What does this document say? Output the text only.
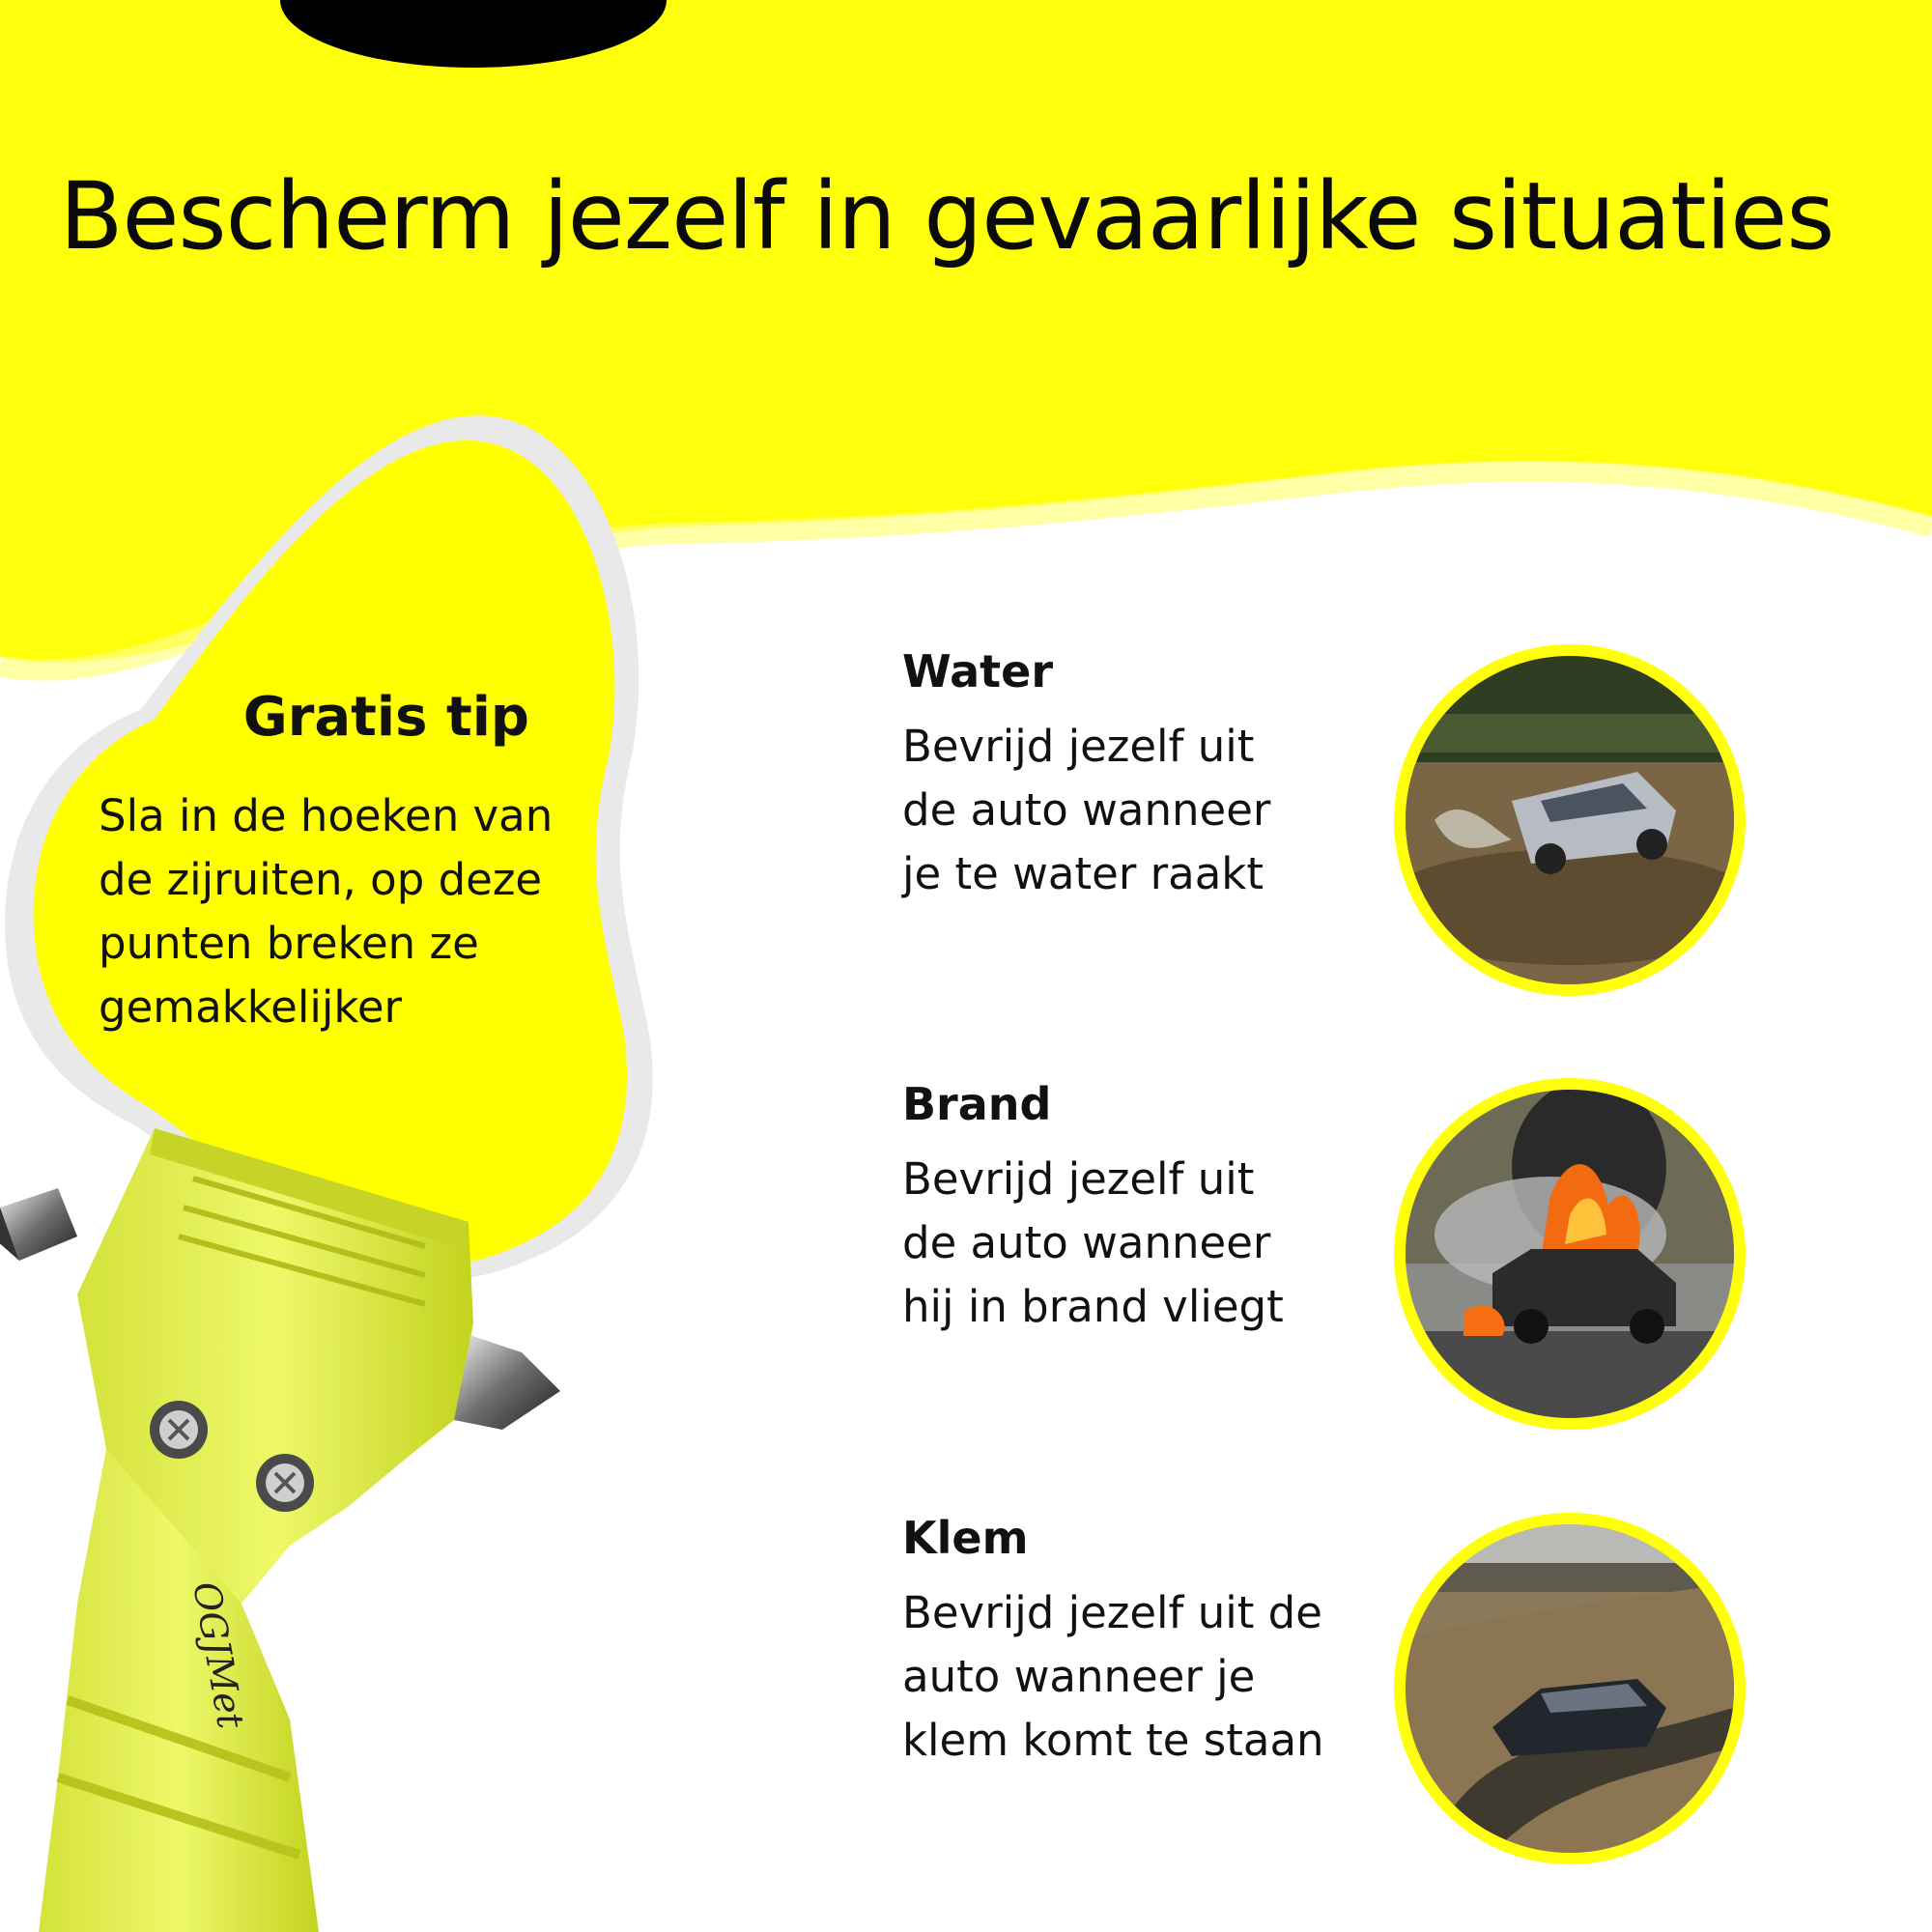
Bescherm jezelf in gevaarlijke situaties
Gratis tip
Sla in de hoeken van de zijruiten, op deze punten breken ze gemakkelijker
Water

Bevrijd jezelf uit
de auto wanneer
je te water raakt

Brand

Bevrijd jezelf uit
de auto wanneer
hij in brand vliegt

Klem

Bevrijd jezelf uit de
auto wanneer je
klem komt te staan

OGJMet
